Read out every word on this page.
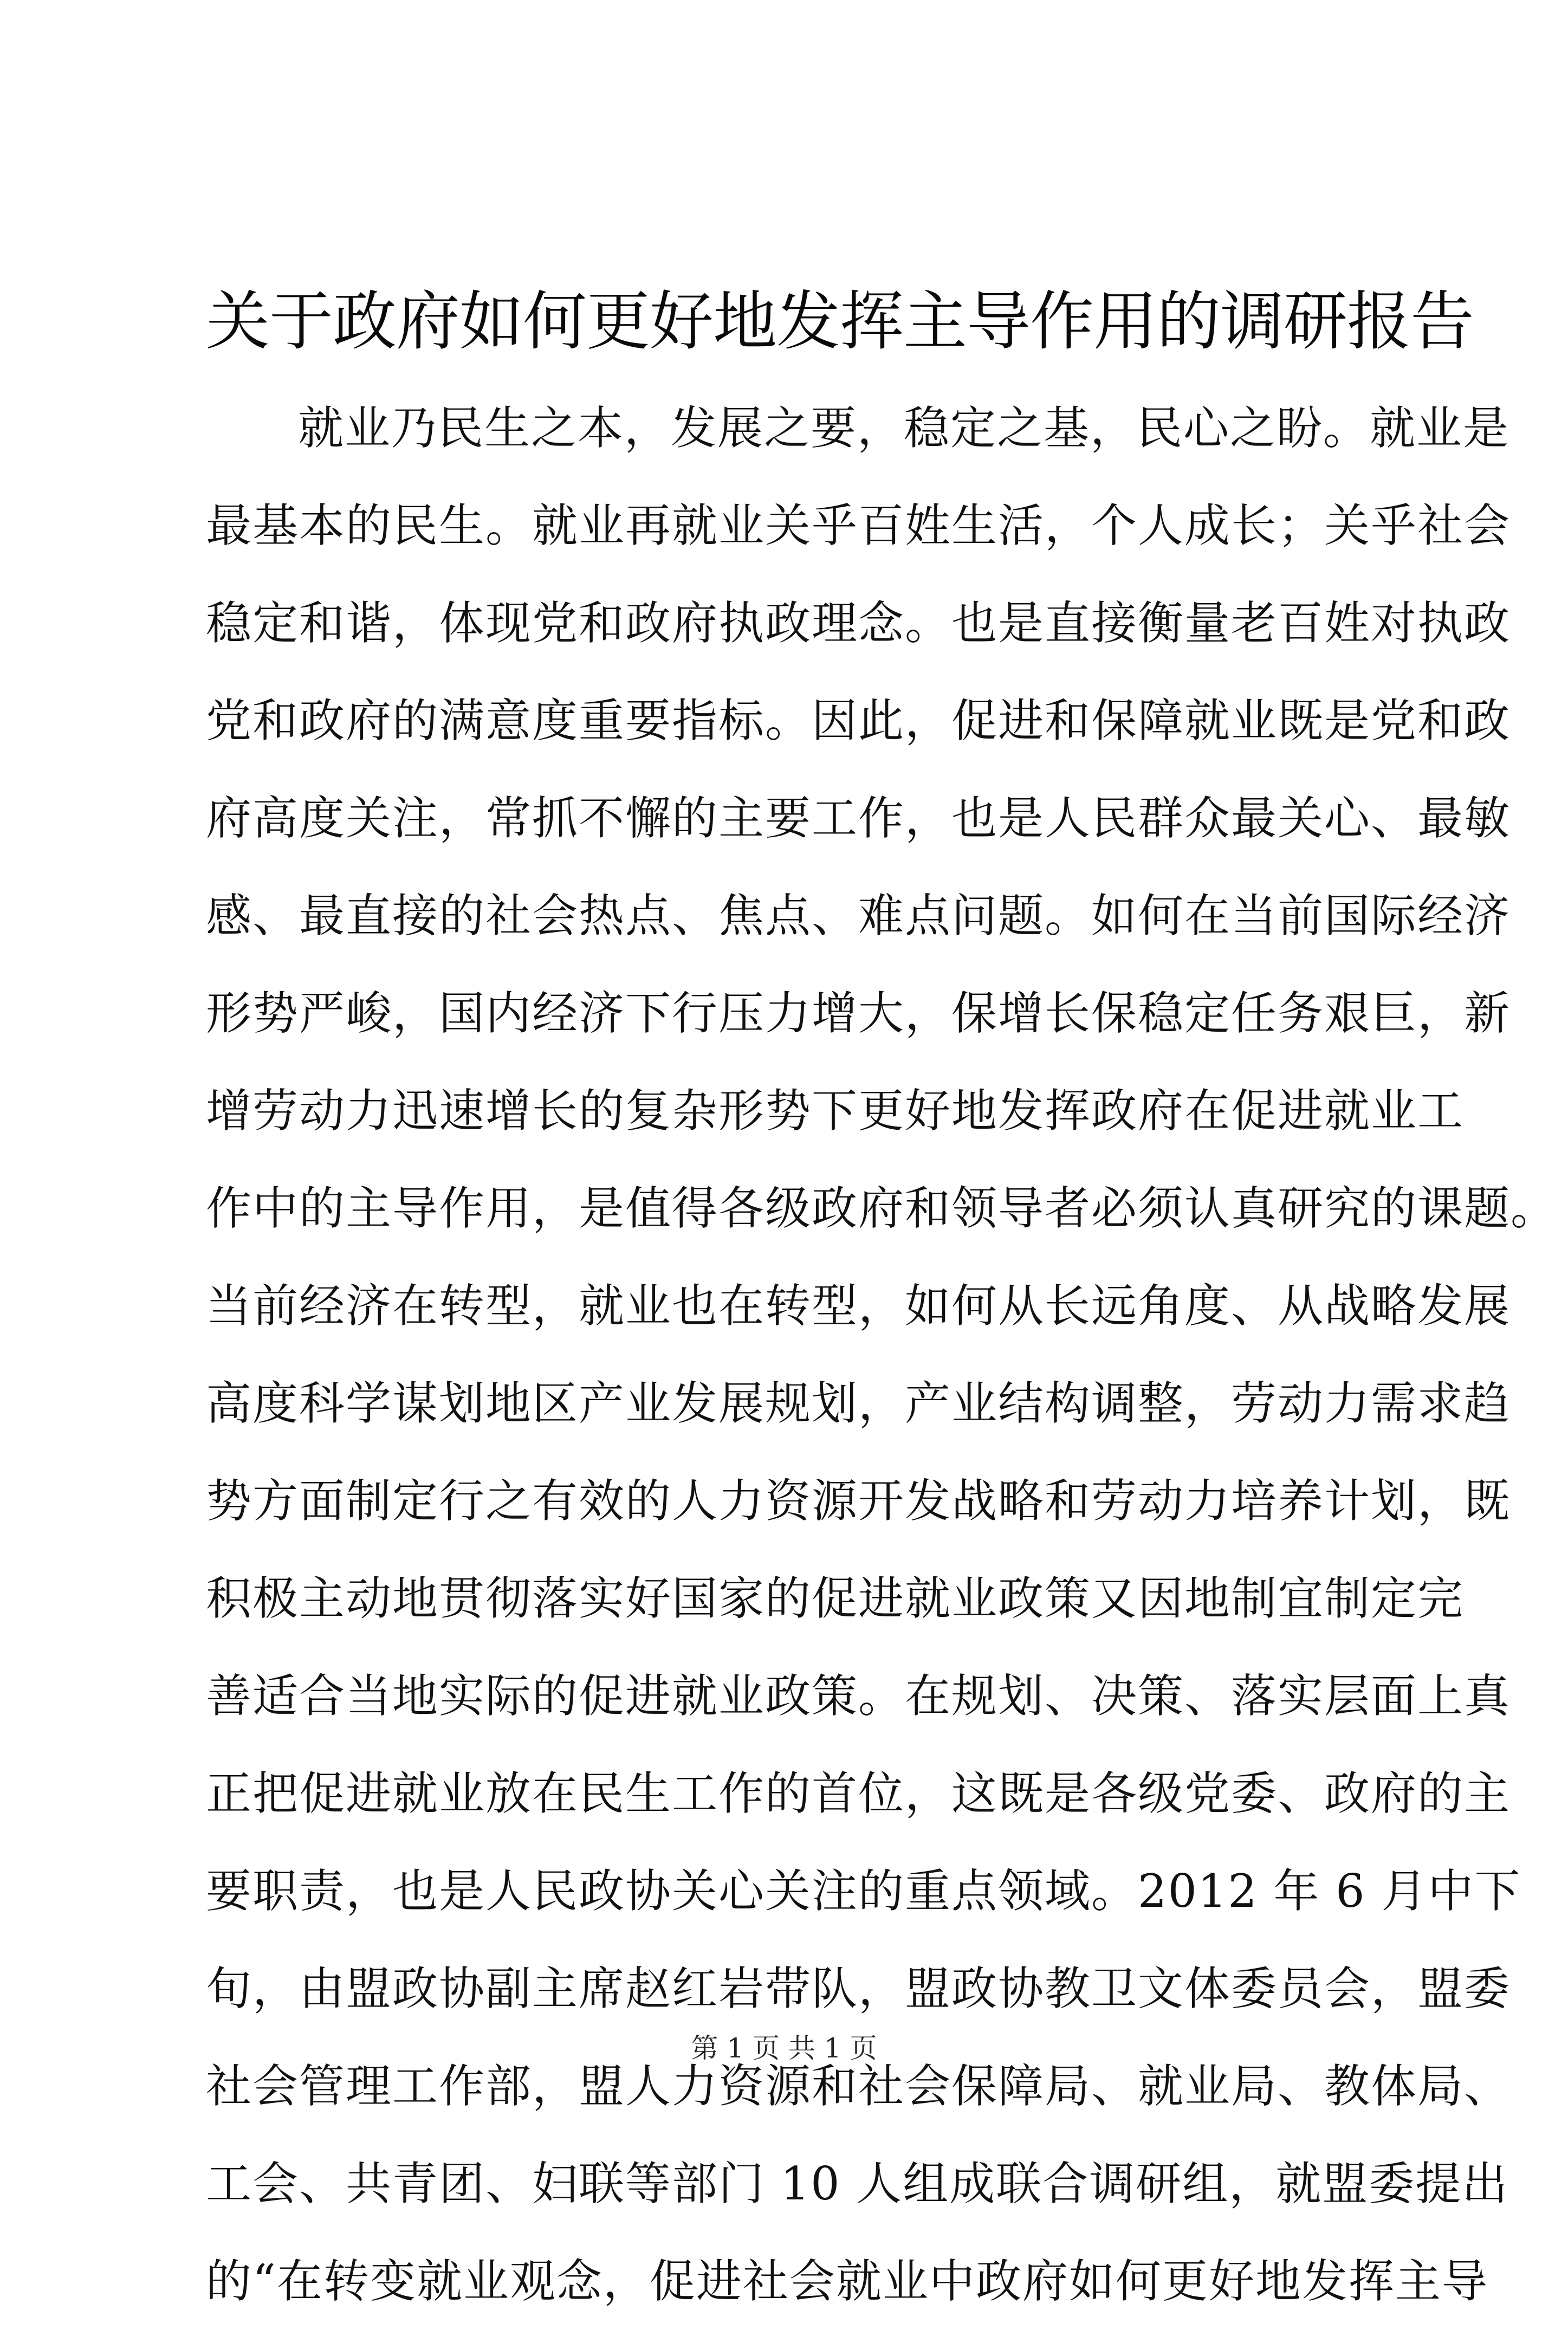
关于政府如何更好地发挥主导作用的调研报告
就业乃民生之本，发展之要，稳定之基，民心之盼。就业是
最基本的民生。就业再就业关乎百姓生活，个人成长；关乎社会
稳定和谐，体现党和政府执政理念。也是直接衡量老百姓对执政
党和政府的满意度重要指标。因此，促进和保障就业既是党和政
府高度关注，常抓不懈的主要工作，也是人民群众最关心、最敏
感、最直接的社会热点、焦点、难点问题。如何在当前国际经济
形势严峻，国内经济下行压力增大，保增长保稳定任务艰巨，新
增劳动力迅速增长的复杂形势下更好地发挥政府在促进就业工
作中的主导作用，是值得各级政府和领导者必须认真研究的课题。
当前经济在转型，就业也在转型，如何从长远角度、从战略发展
高度科学谋划地区产业发展规划，产业结构调整，劳动力需求趋
势方面制定行之有效的人力资源开发战略和劳动力培养计划，既
积极主动地贯彻落实好国家的促进就业政策又因地制宜制定完
善适合当地实际的促进就业政策。在规划、决策、落实层面上真
正把促进就业放在民生工作的首位，这既是各级党委、政府的主
要职责，也是人民政协关心关注的重点领域。2012 年 6 月中下
旬，由盟政协副主席赵红岩带队，盟政协教卫文体委员会，盟委
社会管理工作部，盟人力资源和社会保障局、就业局、教体局、
工会、共青团、妇联等部门 10 人组成联合调研组，就盟委提出
的“在转变就业观念，促进社会就业中政府如何更好地发挥主导
第 1 页 共 1 页
